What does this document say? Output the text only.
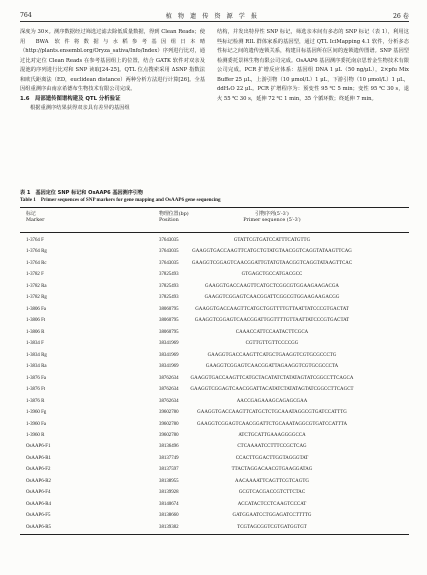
764	植 物 遗 传 资 源 学 报	26 卷

深度为 30×。测序数据经过筛选过滤去除低质量数据，得到 Clean Reads；使用 BWA 软件将数据与水稻参考基因组日本晴（http://plants.ensembl.org/Oryza_sativa/Info/Index）序列进行比对，通过比对定位 Clean Reads 在参考基因组上的位置，结合 GATK 软件对双亲及混池的序列进行比对和 SNP 读取[24-25]。QTL 位点搜索采用 ΔSNP 指数法和欧氏距离法（ED，euclidean distance）两种分析方法进行计算[26]。全基因组重测序由南京希德布生物技术有限公司完成。

1.6　局部遗传图谱构建及 QTL 分析验证

根据重测序结果获得双亲具有差异的基因组

结构，并发出特异性 SNP 标记，筛选亲本间有多态的 SNP 标记（表 1），利用这些标记检测 RIL 群体家系的基因型，通过 QTL IciMapping 4.1 软件，分析多态性标记之间的遗传连锁关系，构建目标基因所在区间的连锁遗传图谱。SNP 基因型检测委托景林生物有限公司完成。OsAAP6 基因测序委托南京思普金生物技术有限公司完成。PCR 扩增反应体系：基因组 DNA 1 μL（50 ng/μL），2×pfu Mix Buffer 25 μL，上游引物（10 μmol/L）1 μL，下游引物（10 μmol/L）1 μL，ddH₂O 22 μL。PCR 扩增程序为：预变性 95 ℃ 5 min；变性 95 ℃ 30 s，退火 55 ℃ 30 s，延伸 72 ℃ 1 min，35 个循环数；终延伸 7 min。

表 1　基因定位 SNP 标记和 OsAAP6 基因测序引物
Table 1　Primer sequences of SNP markers for gene mapping and OsAAP6 gene sequencing
标记
Marker
物理位置(bp)
Position
引物序列(5′-3′)
Primer sequence (5′-3′)
1-3764 F	37643035	GTATTCGTGATCCATTTCATGTTG
1-3764 Rg	37643035	GAAGGTGACCAAGTTCATGCTGTATGTAACGGTCAGGTATAAGTTCAG
1-3764 Rc	37643035	GAAGGTCGGAGTCAACGGATTGTATGTAACGGTCAGGTATAAGTTCAC
1-3782 F	37825493	GTGAGCTGCCATGACGCC
1-3782 Ra	37825493	GAAGGTGACCAAGTTCATGCTCGGCGTGGAAGAAGACGA
1-3782 Rg	37825493	GAAGGTCGGAGTCAACGGATTCGGCGTGGAAGAAGACGG
1-3806 Fa	38060795	GAAGGTGACCAAGTTCATGCTGGTTTTGTTAATTATCCCGTGACTAT
1-3806 Ft	38060795	GAAGGTCGGAGTCAACGGATTGGTTTTGTTAATTATCCCGTGACTAT
1-3806 R	38060795	CAAACCATTCCAATACTTCGCA
1-3834 F	38341969	CGTTGTTGTTCCCCGG
1-3834 Rg	38341969	GAAGGTGACCAAGTTCATGCTGAAGGTCGTGCGCCCTG
1-3834 Ra	38341969	GAAGGTCGGAGTCAACGGATTAGAAGGTCGTGCGCCCTA
1-3876 Fa	38762634 GAAGGTGACCAAGTTCATGCTACATATCTATATAGTATCGGCCTTCAGCA
1-3876 Ft	38762634 GAAGGTCGGAGTCAACGGATTACATATCTATATAGTATCGGCCTTCAGCT
1-3876 R	38762634	AACCGAGAAAGCAGAGCGAA
1-3960 Fg	39602780	GAAGGTGACCAAGTTCATGCTCTGCAAATAGGCGTGATCCATTTG
1-3960 Fa	39602780	GAAGGTCGGAGTCAACGGATTCTGCAAATAGGCGTGATCCATTTA
1-3960 R	39602780	ATCTGCATTGAAAGGGGCCA
OsAAP6-F1	38136496	CTCAAAATCCTTTCCGCTCAG
OsAAP6-R1	38137749	CCACTTGGACTTGGTAGGGTAT
OsAAP6-F2	38137597	TTACTAGGACAACGTGAAGGATAG
OsAAP6-R2	38138955	AACAAAATTCAGTTCGTCAGTG
OsAAP6-F4	38139928	GCGTCACGACCGTCTTCTAC
OsAAP6-R4	38140674	ACCATACTCCTCAAGTCCCAT
OsAAP6-F5	38138660	GATGGAATCCTGGAGATCCTTTTG
OsAAP6-R5	38139382	TCGTAGCGGTCGTGATGGTGT
